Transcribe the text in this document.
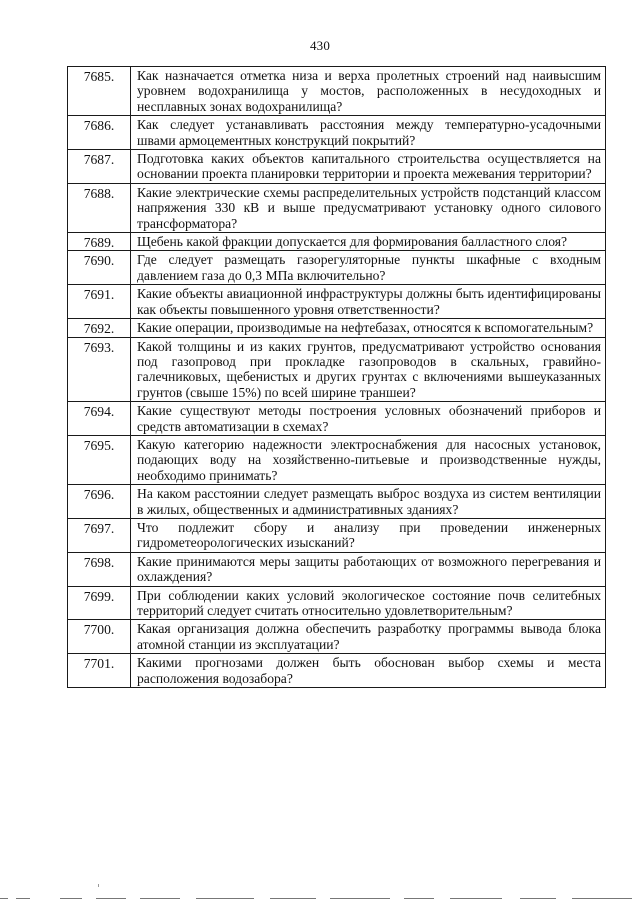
430
7685.	Как назначается отметка низа и верха пролетных строений над наивысшим уровнем водохранилища у мостов, расположенных в несудоходных и несплавных зонах водохранилища?
7686.	Как следует устанавливать расстояния между температурно-усадочными швами армоцементных конструкций покрытий?
7687.	Подготовка каких объектов капитального строительства осуществляется на основании проекта планировки территории и проекта межевания территории?
7688.	Какие электрические схемы распределительных устройств подстанций классом напряжения 330 кВ и выше предусматривают установку одного силового трансформатора?
7689.	Щебень какой фракции допускается для формирования балластного слоя?
7690.	Где следует размещать газорегуляторные пункты шкафные с входным давлением газа до 0,3 МПа включительно?
7691.	Какие объекты авиационной инфраструктуры должны быть идентифицированы как объекты повышенного уровня ответственности?
7692.	Какие операции, производимые на нефтебазах, относятся к вспомогательным?
7693.	Какой толщины и из каких грунтов, предусматривают устройство основания под газопровод при прокладке газопроводов в скальных, гравийно-галечниковых, щебенистых и других грунтах с включениями вышеуказанных грунтов (свыше 15%) по всей ширине траншеи?
7694.	Какие существуют методы построения условных обозначений приборов и средств автоматизации в схемах?
7695.	Какую категорию надежности электроснабжения для насосных установок, подающих воду на хозяйственно-питьевые и производственные нужды, необходимо принимать?
7696.	На каком расстоянии следует размещать выброс воздуха из систем вентиляции в жилых, общественных и административных зданиях?
7697.	Что подлежит сбору и анализу при проведении инженерных гидрометеорологических изысканий?
7698.	Какие принимаются меры защиты работающих от возможного перегревания и охлаждения?
7699.	При соблюдении каких условий экологическое состояние почв селитебных территорий следует считать относительно удовлетворительным?
7700.	Какая организация должна обеспечить разработку программы вывода блока атомной станции из эксплуатации?
7701.	Какими прогнозами должен быть обоснован выбор схемы и места расположения водозабора?
